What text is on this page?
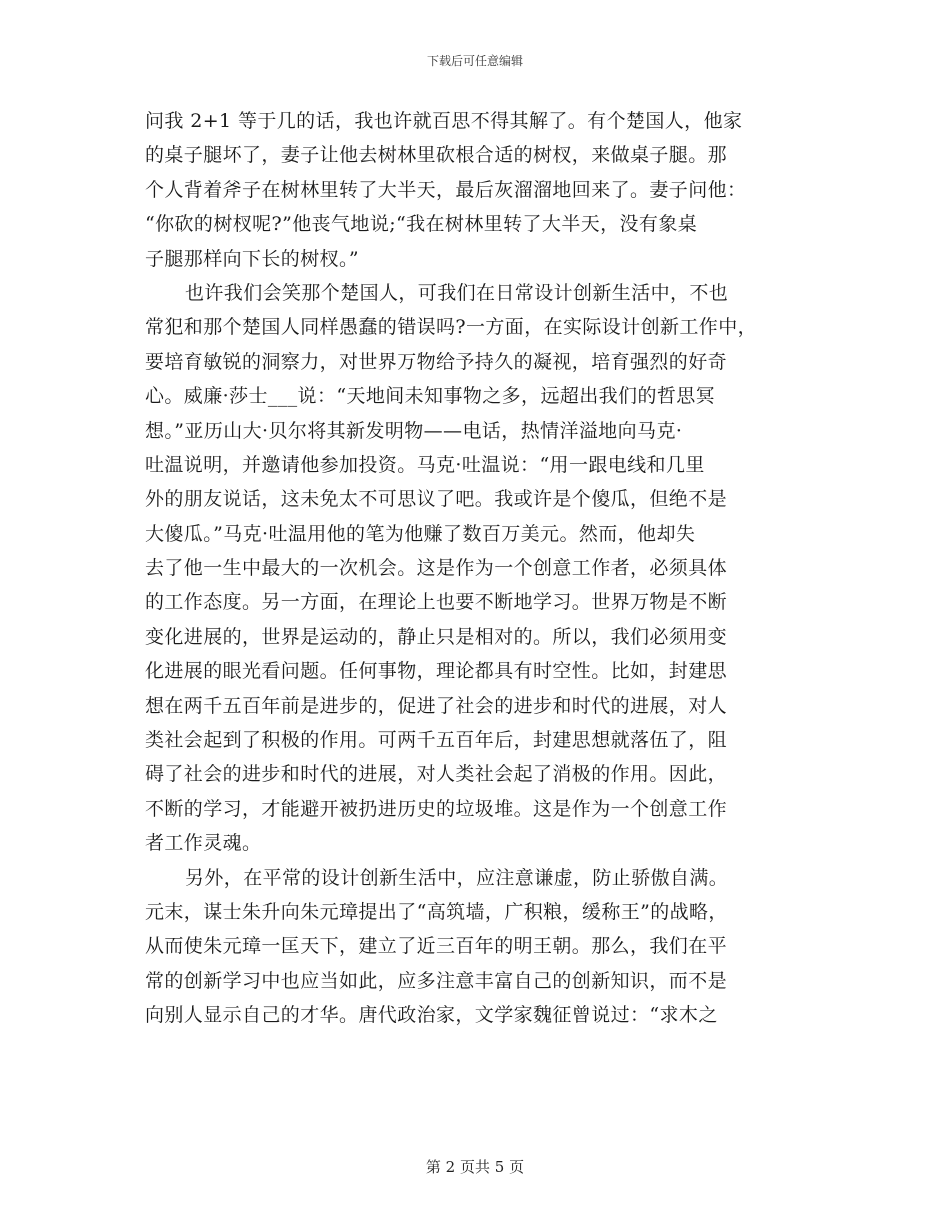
下载后可任意编辑
问我 2+1 等于几的话，我也许就百思不得其解了。有个楚国人，他家
的桌子腿坏了，妻子让他去树林里砍根合适的树杈，来做桌子腿。那
个人背着斧子在树林里转了大半天，最后灰溜溜地回来了。妻子问他：
“你砍的树杈呢?”他丧气地说;“我在树林里转了大半天，没有象桌
子腿那样向下长的树杈。”
也许我们会笑那个楚国人，可我们在日常设计创新生活中，不也
常犯和那个楚国人同样愚蠢的错误吗?一方面，在实际设计创新工作中，
要培育敏锐的洞察力，对世界万物给予持久的凝视，培育强烈的好奇
心。威廉·莎士___说：“天地间未知事物之多，远超出我们的哲思冥
想。”亚历山大·贝尔将其新发明物——电话，热情洋溢地向马克·
吐温说明，并邀请他参加投资。马克·吐温说：“用一跟电线和几里
外的朋友说话，这未免太不可思议了吧。我或许是个傻瓜，但绝不是
大傻瓜。”马克·吐温用他的笔为他赚了数百万美元。然而，他却失
去了他一生中最大的一次机会。这是作为一个创意工作者，必须具体
的工作态度。另一方面，在理论上也要不断地学习。世界万物是不断
变化进展的，世界是运动的，静止只是相对的。所以，我们必须用变
化进展的眼光看问题。任何事物，理论都具有时空性。比如，封建思
想在两千五百年前是进步的，促进了社会的进步和时代的进展，对人
类社会起到了积极的作用。可两千五百年后，封建思想就落伍了，阻
碍了社会的进步和时代的进展，对人类社会起了消极的作用。因此，
不断的学习，才能避开被扔进历史的垃圾堆。这是作为一个创意工作
者工作灵魂。
另外，在平常的设计创新生活中，应注意谦虚，防止骄傲自满。
元末，谋士朱升向朱元璋提出了“高筑墙，广积粮，缓称王”的战略，
从而使朱元璋一匡天下，建立了近三百年的明王朝。那么，我们在平
常的创新学习中也应当如此，应多注意丰富自己的创新知识，而不是
向别人显示自己的才华。唐代政治家，文学家魏征曾说过：“求木之
第 2 页共 5 页
